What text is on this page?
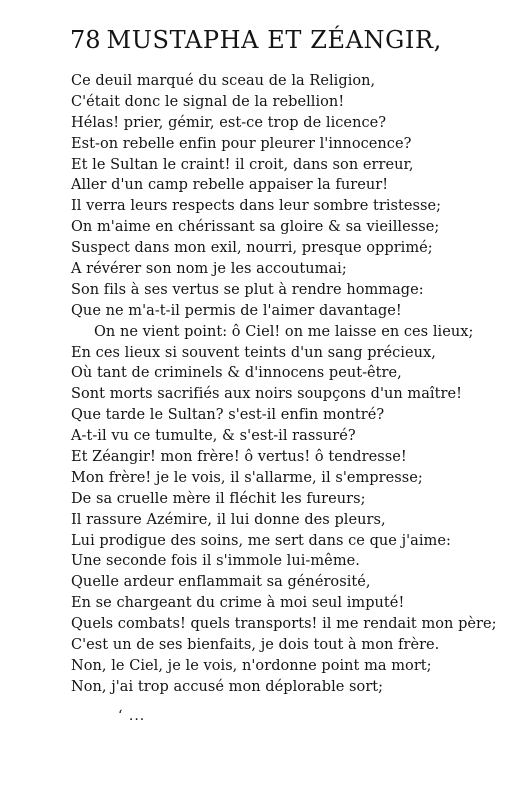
78 MUSTAPHA ET ZÉANGIR,
Ce deuil marqué du sceau de la Religion,
C'était donc le signal de la rebellion!
Hélas! prier, gémir, est-ce trop de licence?
Est-on rebelle enfin pour pleurer l'innocence?
Et le Sultan le craint! il croit, dans son erreur,
Aller d'un camp rebelle appaiser la fureur!
Il verra leurs respects dans leur sombre tristesse;
On m'aime en chérissant sa gloire & sa vieillesse;
Suspect dans mon exil, nourri, presque opprimé;
A révérer son nom je les accoutumai;
Son fils à ses vertus se plut à rendre hommage:
Que ne m'a-t-il permis de l'aimer davantage!
On ne vient point: ô Ciel! on me laisse en ces lieux;
En ces lieux si souvent teints d'un sang précieux,
Où tant de criminels & d'innocens peut-être,
Sont morts sacrifiés aux noirs soupçons d'un maître!
Que tarde le Sultan? s'est-il enfin montré?
A-t-il vu ce tumulte, & s'est-il rassuré?
Et Zéangir! mon frère! ô vertus! ô tendresse!
Mon frère! je le vois, il s'allarme, il s'empresse;
De sa cruelle mère il fléchit les fureurs;
Il rassure Azémire, il lui donne des pleurs,
Lui prodigue des soins, me sert dans ce que j'aime:
Une seconde fois il s'immole lui-même.
Quelle ardeur enflammait sa générosité,
En se chargeant du crime à moi seul imputé!
Quels combats! quels transports! il me rendait mon père;
C'est un de ses bienfaits, je dois tout à mon frère.
Non, le Ciel, je le vois, n'ordonne point ma mort;
Non, j'ai trop accusé mon déplorable sort;
‘ ...
